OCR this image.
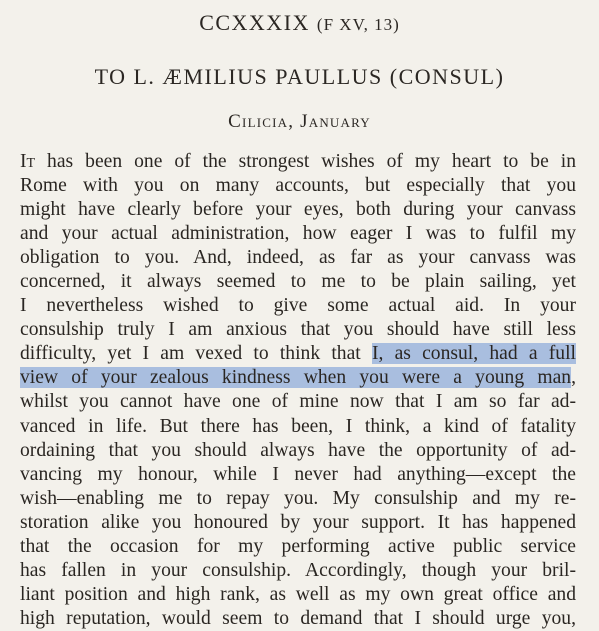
CCXXXIX (F XV, 13)
TO L. ÆMILIUS PAULLUS (CONSUL)
Cilicia, January
It has been one of the strongest wishes of my heart to be in
Rome with you on many accounts, but especially that you
might have clearly before your eyes, both during your canvass
and your actual administration, how eager I was to fulfil my
obligation to you. And, indeed, as far as your canvass was
concerned, it always seemed to me to be plain sailing, yet
I nevertheless wished to give some actual aid. In your
consulship truly I am anxious that you should have still less
difficulty, yet I am vexed to think that I, as consul, had a full
view of your zealous kindness when you were a young man,
whilst you cannot have one of mine now that I am so far ad-
vanced in life. But there has been, I think, a kind of fatality
ordaining that you should always have the opportunity of ad-
vancing my honour, while I never had anything—except the
wish—enabling me to repay you. My consulship and my re-
storation alike you honoured by your support. It has happened
that the occasion for my performing active public service
has fallen in your consulship. Accordingly, though your bril-
liant position and high rank, as well as my own great office and
high reputation, would seem to demand that I should urge you,
